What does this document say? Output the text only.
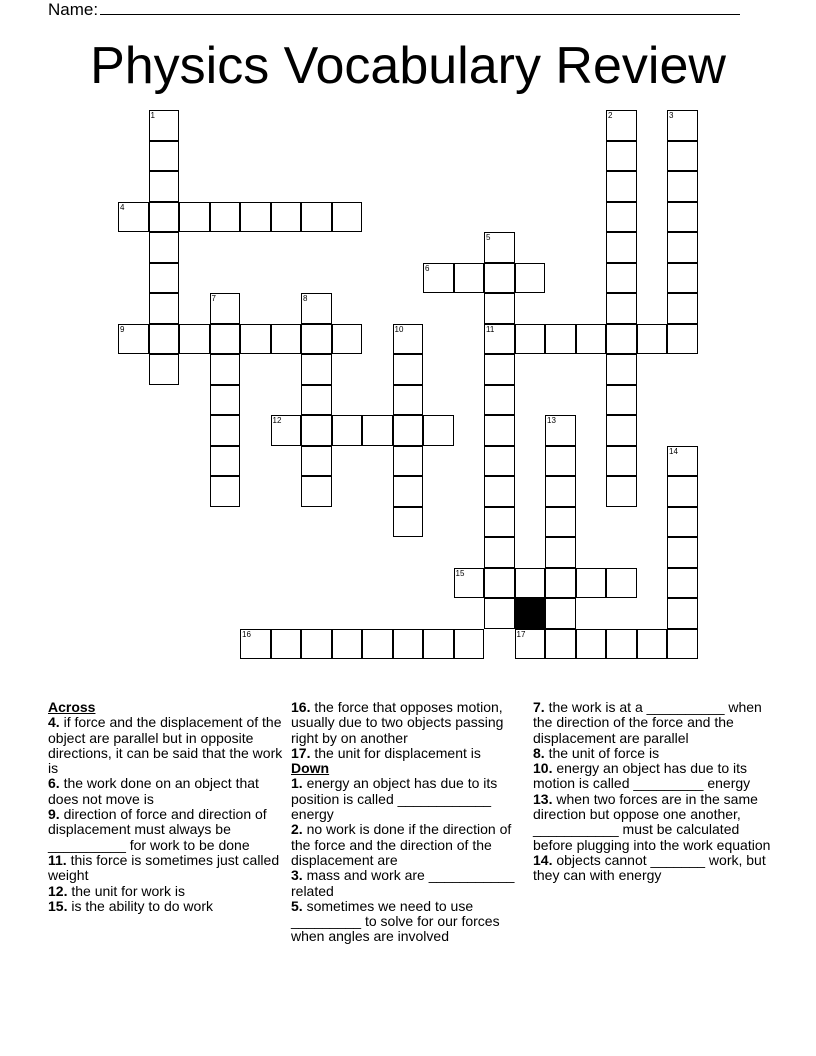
Name:
Physics Vocabulary Review
1	2	3
4
5
11
6
7	8
9	10
12	13
14
15
16	17
Across
4. if force and the displacement of the object are parallel but in opposite directions, it can be said that the work is
6. the work done on an object that does not move is
9. direction of force and direction of displacement must always be __________ for work to be done
11. this force is sometimes just called weight
12. the unit for work is
15. is the ability to do work
16. the force that opposes motion, usually due to two objects passing right by on another
17. the unit for displacement is
Down
1. energy an object has due to its position is called ____________ energy
2. no work is done if the direction of the force and the direction of the displacement are
3. mass and work are ___________ related
5. sometimes we need to use _________ to solve for our forces when angles are involved
7. the work is at a __________ when the direction of the force and the displacement are parallel
8. the unit of force is
10. energy an object has due to its motion is called _________ energy
13. when two forces are in the same direction but oppose one another, ___________ must be calculated before plugging into the work equation
14. objects cannot _______ work, but they can with energy
